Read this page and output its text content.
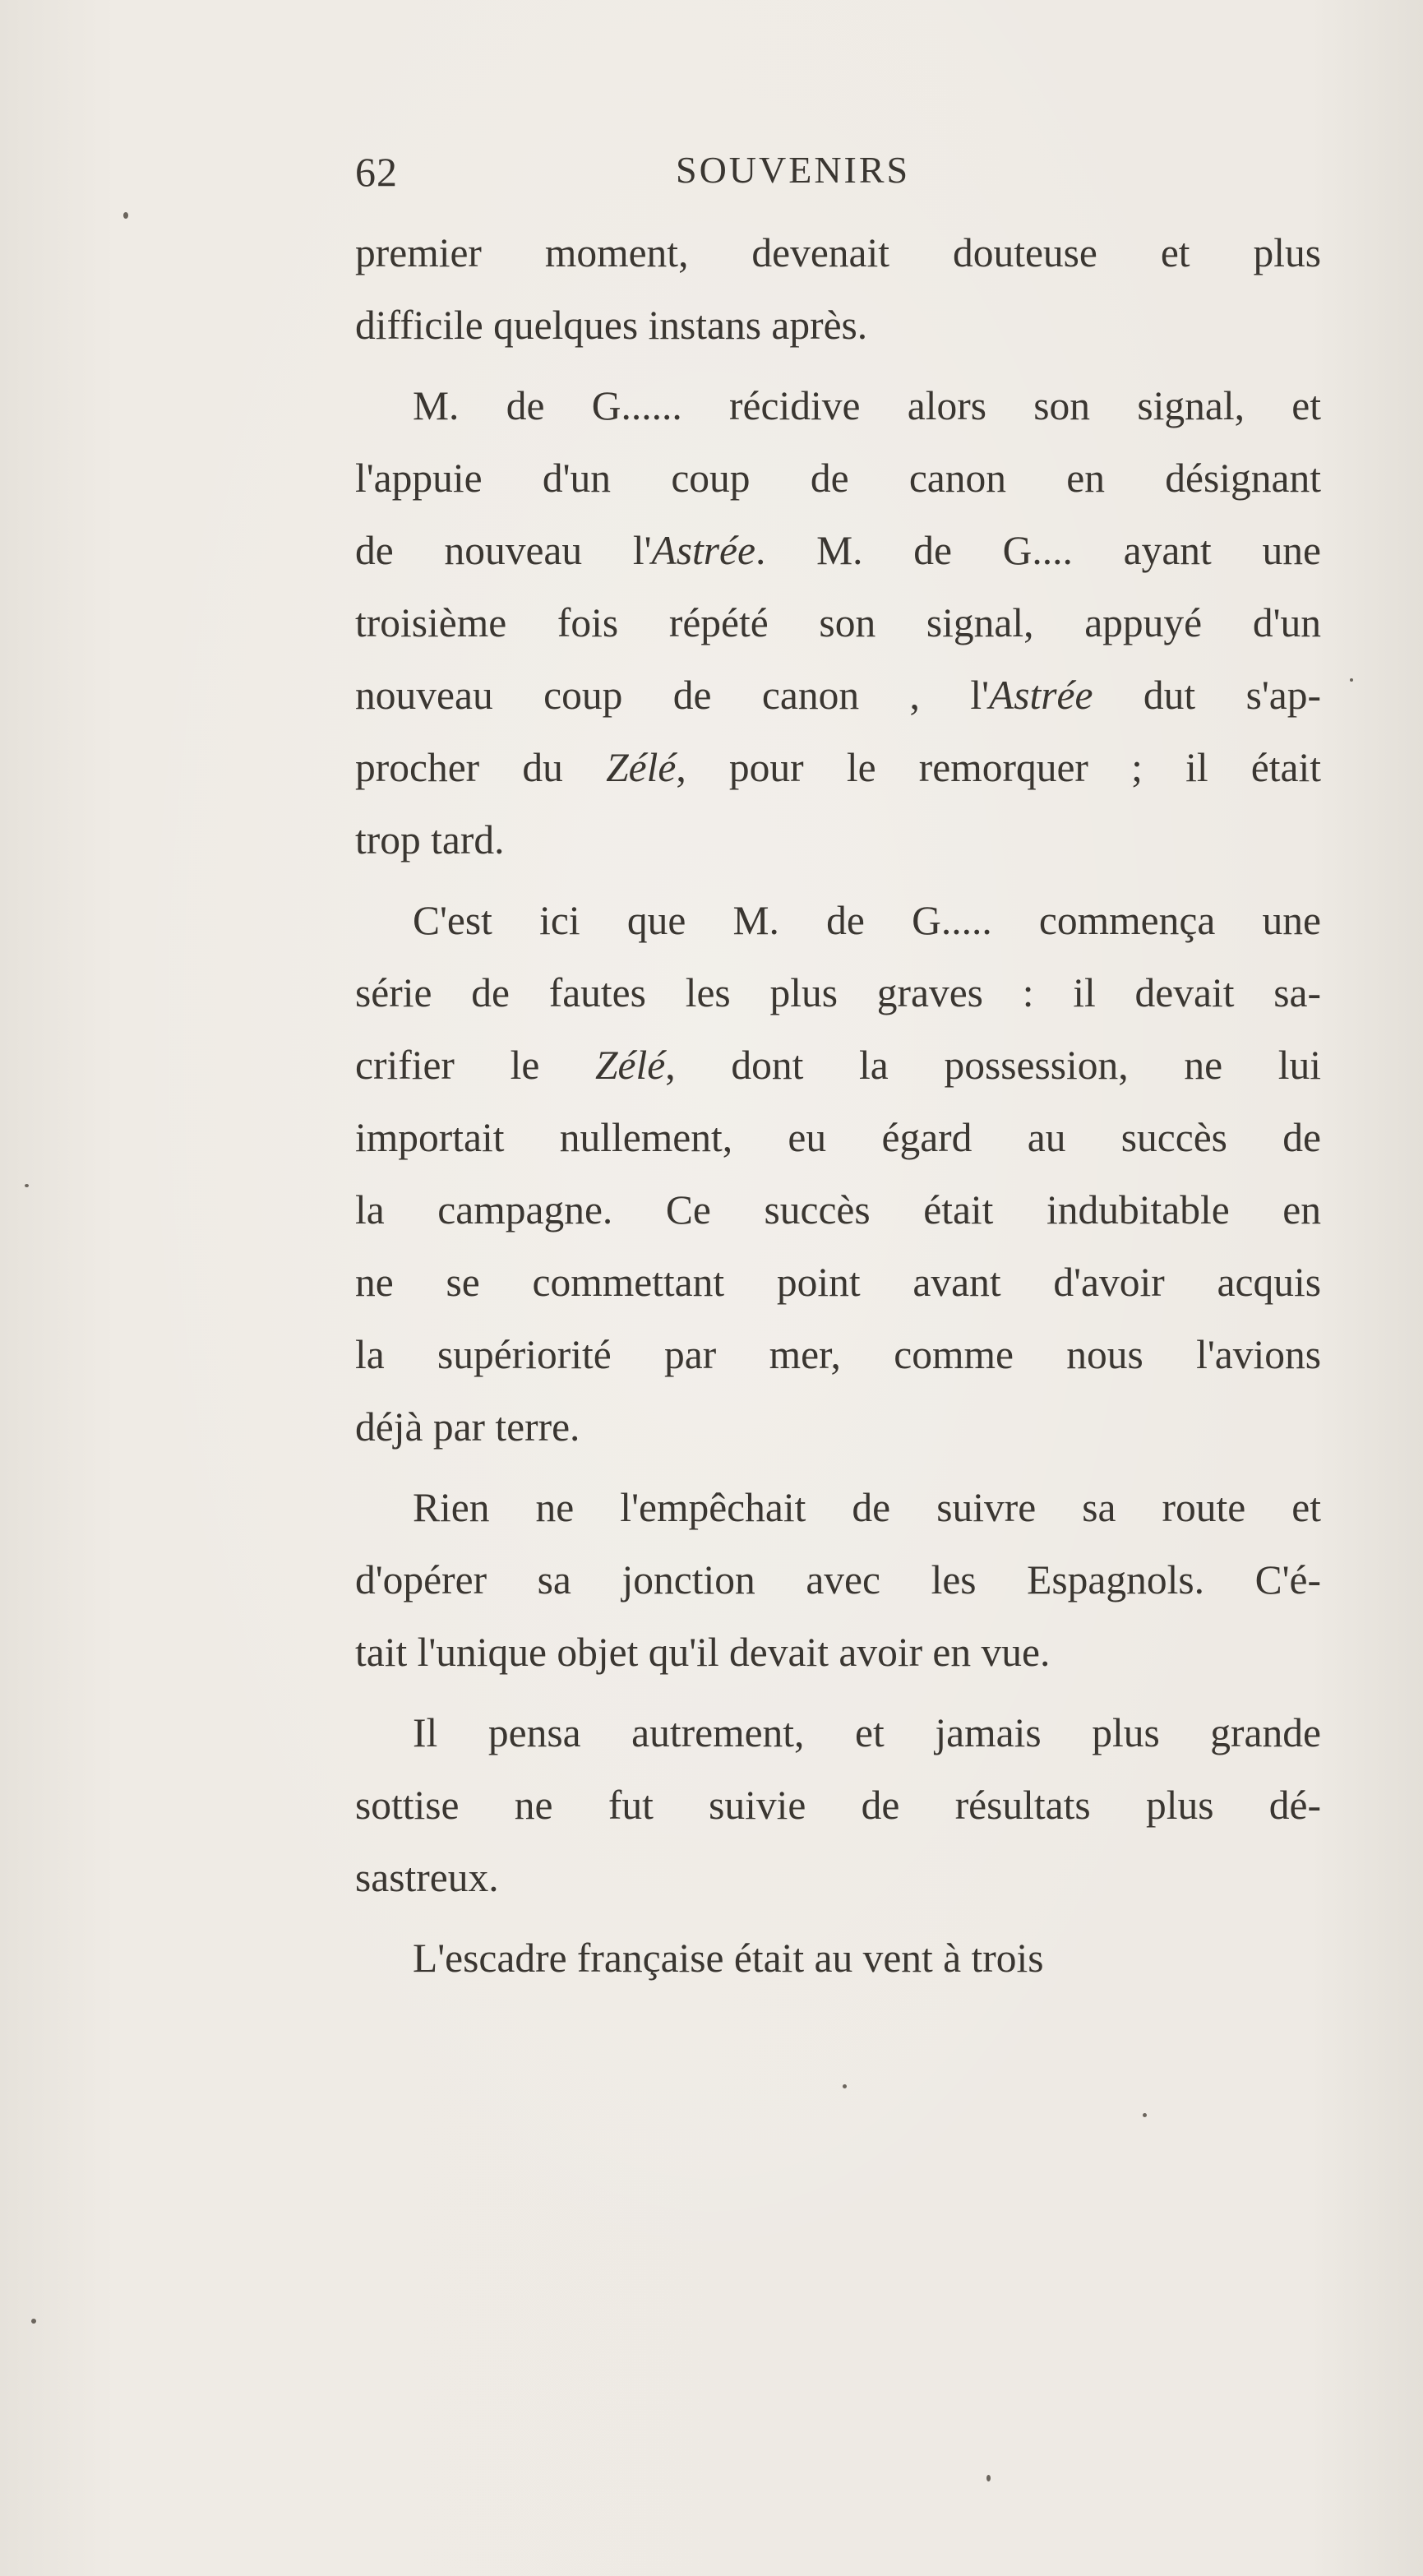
62	SOUVENIRS
premier moment, devenait douteuse et plus
difficile quelques instans après.
M. de G...... récidive alors son signal, et
l'appuie d'un coup de canon en désignant
de nouveau l'Astrée. M. de G.... ayant une
troisième fois répété son signal, appuyé d'un
nouveau coup de canon , l'Astrée dut s'ap-
procher du Zélé, pour le remorquer ; il était
trop tard.
C'est ici que M. de G..... commença une
série de fautes les plus graves : il devait sa-
crifier le Zélé, dont la possession, ne lui
importait nullement, eu égard au succès de
la campagne. Ce succès était indubitable en
ne se commettant point avant d'avoir acquis
la supériorité par mer, comme nous l'avions
déjà par terre.
Rien ne l'empêchait de suivre sa route et
d'opérer sa jonction avec les Espagnols. C'é-
tait l'unique objet qu'il devait avoir en vue.
Il pensa autrement, et jamais plus grande
sottise ne fut suivie de résultats plus dé-
sastreux.
L'escadre française était au vent à trois
